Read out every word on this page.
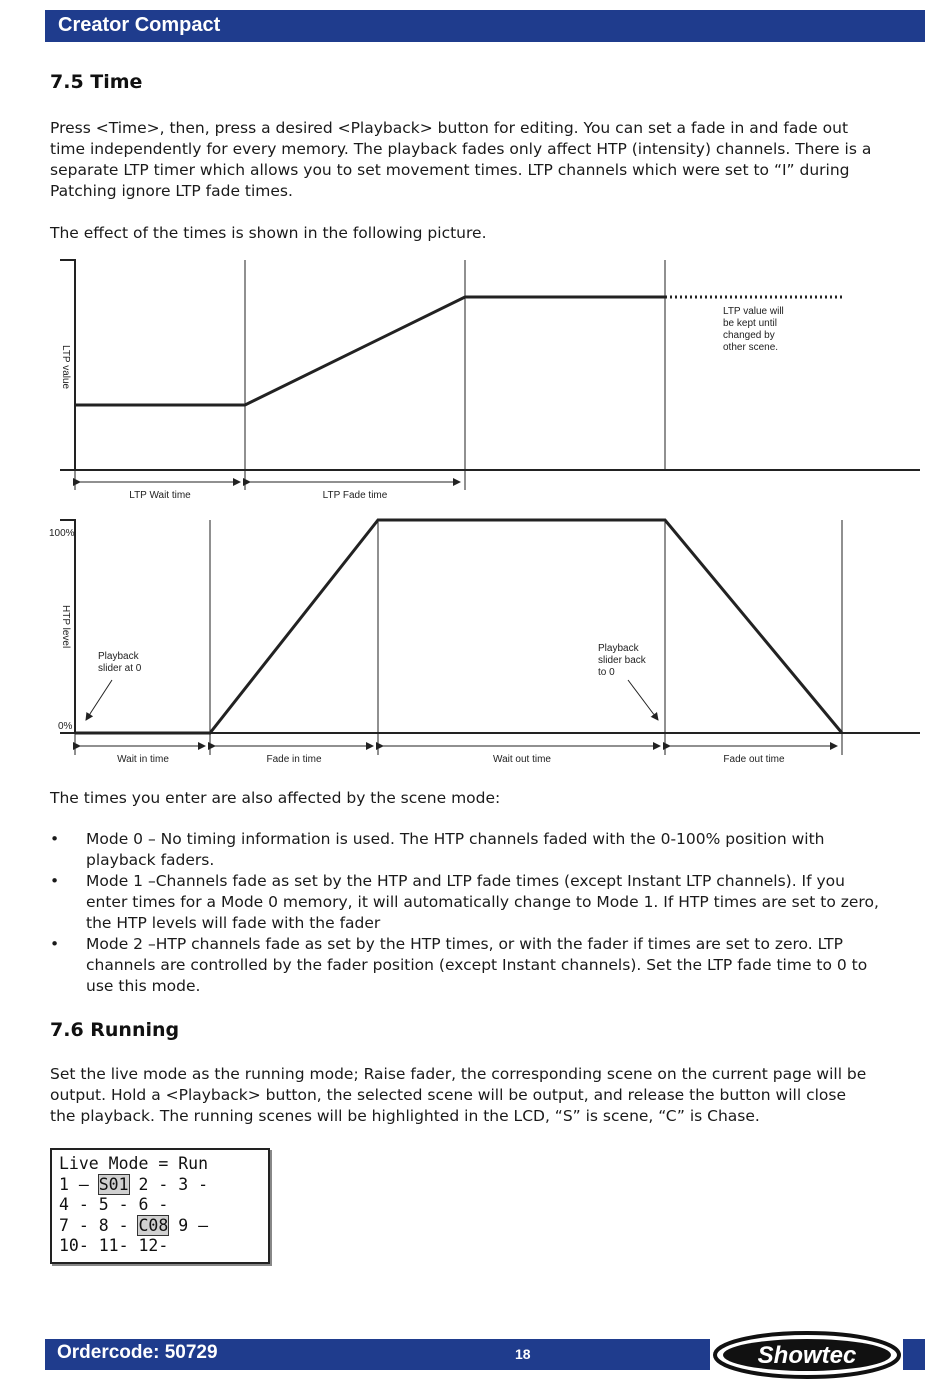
Creator Compact
7.5 Time
Press <Time>, then, press a desired <Playback> button for editing. You can set a fade in and fade out
time independently for every memory. The playback fades only affect HTP (intensity) channels. There is a
separate LTP timer which allows you to set movement times. LTP channels which were set to “I” during
Patching ignore LTP fade times.
The effect of the times is shown in the following picture.
LTP value
LTP value will
be kept until
changed by
other scene.
LTP Wait time	LTP Fade time
100%
0%
HTP level
Playback
slider at 0
Playback
slider back
to 0
Wait in time	Fade in time	Wait out time	Fade out time
The times you enter are also affected by the scene mode:
• Mode 0 – No timing information is used. The HTP channels faded with the 0-100% position with
playback faders.
• Mode 1 –Channels fade as set by the HTP and LTP fade times (except Instant LTP channels). If you
enter times for a Mode 0 memory, it will automatically change to Mode 1. If HTP times are set to zero,
the HTP levels will fade with the fader
• Mode 2 –HTP channels fade as set by the HTP times, or with the fader if times are set to zero. LTP
channels are controlled by the fader position (except Instant channels). Set the LTP fade time to 0 to
use this mode.
7.6 Running
Set the live mode as the running mode; Raise fader, the corresponding scene on the current page will be
output. Hold a <Playback> button, the selected scene will be output, and release the button will close
the playback. The running scenes will be highlighted in the LCD, “S” is scene, “C” is Chase.
Live Mode = Run
1 – S01 2 - 3 -
4 - 5 - 6 -
7 - 8 - C08 9 –
10- 11- 12-
Ordercode: 50729	18	Showtec
